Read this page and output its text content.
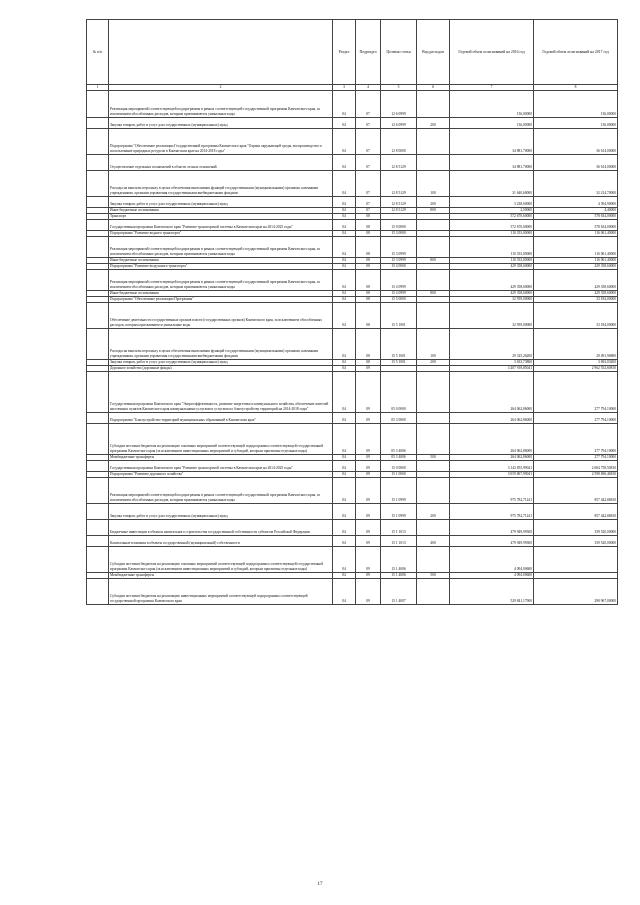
№ п/п		Раздел	Подраздел	Целевая статья	Вид расходов	Годовой объем ассигнований на 2016 год	Годовой объем ассигнований на 2017 год
1	2	3	4	5	6	7	8
	Реализация мероприятий соответствующей подпрограммы в рамках соответствующей государственной программы Камчатского края, за исключением обособленных расходов, которым присваиваются уникальные коды	04	07	12 6 0999		136,00000	136,00000
	Закупка товаров, работ и услуг для государственных (муниципальных) нужд	04	07	12 6 0999	200	136,00000	136,00000
	Подпрограмма "Обеспечение реализации Государственной программы Камчатского края "Охрана окружающей среды, воспроизводство и использование природных ресурсов в Камчатском крае на 2014-2018 годы"	04	07	12 8 0000		34 881,70000	36 614,00000
	Осуществление отдельных полномочий в области лесных отношений	04	07	12 8 5129		34 881,70000	36 614,00000
	Расходы на выплаты персоналу в целях обеспечения выполнения функций государственными (муниципальными) органами, казенными учреждениями, органами управления государственными внебюджетными фондами	04	07	12 8 5129	100	31 640,60000	32 214,70000
	Закупка товаров, работ и услуг для государственных (муниципальных) нужд	04	07	12 8 5129	200	3 238,60000	4 394,90000
	Иные бюджетные ассигнования	04	07	12 8 5129	800	2,50000	4,40000
	Транспорт	04	08			572 670,60000	578 634,00000
	Государственная программа Камчатского края "Развитие транспортной системы в Камчатском крае на 2014-2025 годы"	04	08	15 0 0000		572 670,60000	578 634,00000
	Подпрограмма "Развитие водного транспорта"	04	08	15 3 0000		110 353,00000	116 061,40000
	Реализация мероприятий соответствующей подпрограммы в рамках соответствующей государственной программы Камчатского края, за исключением обособленных расходов, которым присваиваются уникальные коды	04	08	15 3 0999		110 353,00000	116 061,40000
	Иные бюджетные ассигнования	04	08	15 3 0999	800	110 353,00000	116 061,40000
	Подпрограмма "Развитие воздушного транспорта"	04	08	15 4 0000		429 358,60000	429 358,60000
	Реализация мероприятий соответствующей подпрограммы в рамках соответствующей государственной программы Камчатского края, за исключением обособленных расходов, которым присваиваются уникальные коды	04	08	15 4 0999		429 358,60000	429 358,60000
	Иные бюджетные ассигнования	04	08	15 4 0999	800	429 358,60000	429 358,60000
	Подпрограмма "Обеспечение реализации Программы"	04	08	15 5 0000		32 959,00000	33 184,00000
	Обеспечение деятельности государственных органов власти (государственных органов) Камчатского края, за исключением обособленных расходов, которым присваиваются уникальные коды	04	08	15 5 1001		32 959,00000	33 184,00000
	Расходы на выплаты персоналу в целях обеспечения выполнения функций государственными (муниципальными) органами, казенными учреждениями, органами управления государственными внебюджетными фондами	04	08	15 5 1001	100	29 325,26200	29 491,96800
	Закупка товаров, работ и услуг для государственных (муниципальных) нужд	04	08	15 5 1001	200	3 633,73800	3 692,03200
	Дорожное хозяйство (дорожные фонды)	04	09			3 407 918,85041	2 962 552,60810
	Государственная программа Камчатского края "Энергоэффективность, развитие энергетики и коммунального хозяйства, обеспечение жителей населенных пунктов Камчатского края коммунальными услугами и услугами по благоустройству территорий на 2014-2018 годы"	04	09	05 0 0000		264 062,86000	277 794,10000
	Подпрограмма "Благоустройство территорий муниципальных образований в Камчатском крае"	04	09	05 3 0000		264 062,86000	277 794,10000
	Субсидии местным бюджетам на реализацию основных мероприятий соответствующей подпрограммы соответствующей государственной программы Камчатского края (за исключением инвестиционных мероприятий и субсидий, которым присвоены отдельные коды)	04	09	05 3 4006		264 062,86000	277 794,10000
	Межбюджетные трансферты	04	09	05 3 4006	500	264 062,86000	277 794,10000
	Государственная программа Камчатского края "Развитие транспортной системы в Камчатском крае на 2014-2025 годы"	04	09	15 0 0000		3 143 855,99041	2 684 758,50810
	Подпрограмма "Развитие дорожного хозяйства"	04	09	15 1 0000		3 059 867,99041	2 598 696,46810
	Реализация мероприятий соответствующей подпрограммы в рамках соответствующей государственной программы Камчатского края, за исключением обособленных расходов, которым присваиваются уникальные коды	04	09	15 1 0999		975 782,71241	857 442,86810
	Закупка товаров, работ и услуг для государственных (муниципальных) нужд	04	09	15 1 0999	200	975 782,71241	857 442,86810
	Бюджетные инвестиции в объекты капитального строительства государственной собственности субъектов Российской Федерации	04	09	15 1 1013		479 949,99300	339 520,00000
	Капитальные вложения в объекты государственной (муниципальной) собственности	04	09	15 1 1013	400	479 949,99300	339 520,00000
	Субсидии местным бюджетам на реализацию основных мероприятий соответствующей подпрограммы соответствующей государственной программы Камчатского края (за исключением инвестиционных мероприятий и субсидий, которым присвоены отдельные коды)	04	09	15 1 4006		4 094,00600	
	Межбюджетные трансферты	04	09	15 1 4006	500	4 094,00600	
	Субсидии местным бюджетам на реализацию инвестиционных мероприятий соответствующей подпрограммы соответствующей государственной программы Камчатского края	04	09	15 1 4007		529 841,17900	290 967,00000
17
